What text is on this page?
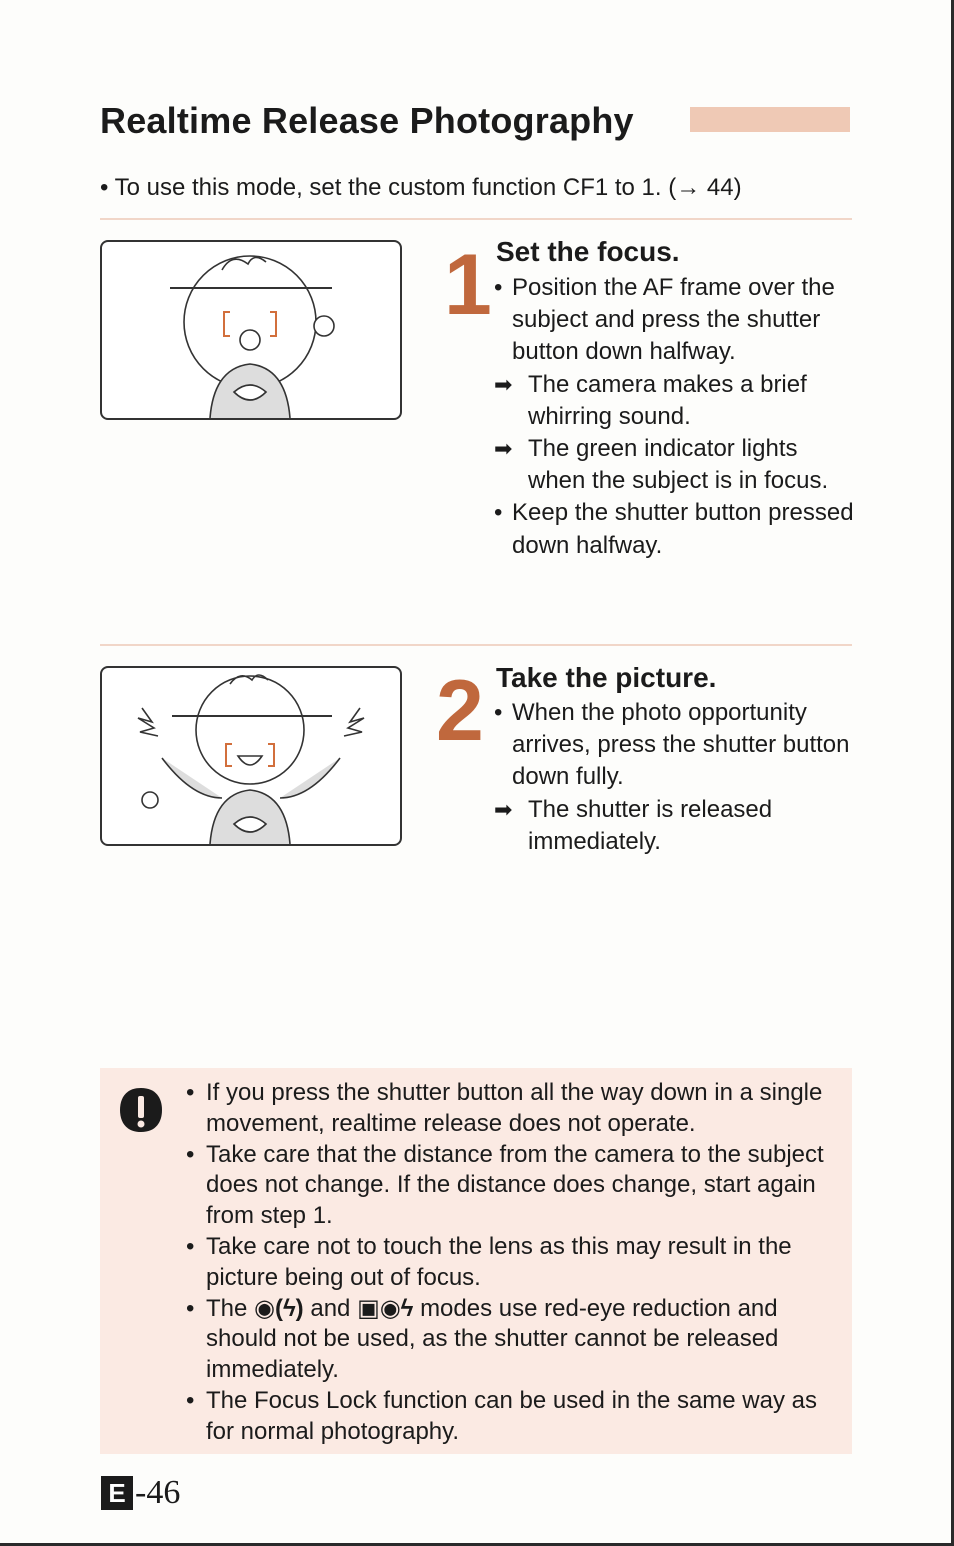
Realtime Release Photography
• To use this mode, set the custom function CF1 to 1. (→ 44)
1 Set the focus.
• Position the AF frame over the subject and press the shutter button down halfway.
➡ The camera makes a brief whirring sound.
➡ The green indicator lights when the subject is in focus.
• Keep the shutter button pressed down halfway.
2 Take the picture.
• When the photo opportunity arrives, press the shutter button down fully.
➡ The shutter is released immediately.
• If you press the shutter button all the way down in a single movement, realtime release does not operate.
• Take care that the distance from the camera to the subject does not change. If the distance does change, start again from step 1.
• Take care not to touch the lens as this may result in the picture being out of focus.
• The ◉(ϟ) and ▣◉ϟ modes use red-eye reduction and should not be used, as the shutter cannot be released immediately.
• The Focus Lock function can be used in the same way as for normal photography.
E -46
